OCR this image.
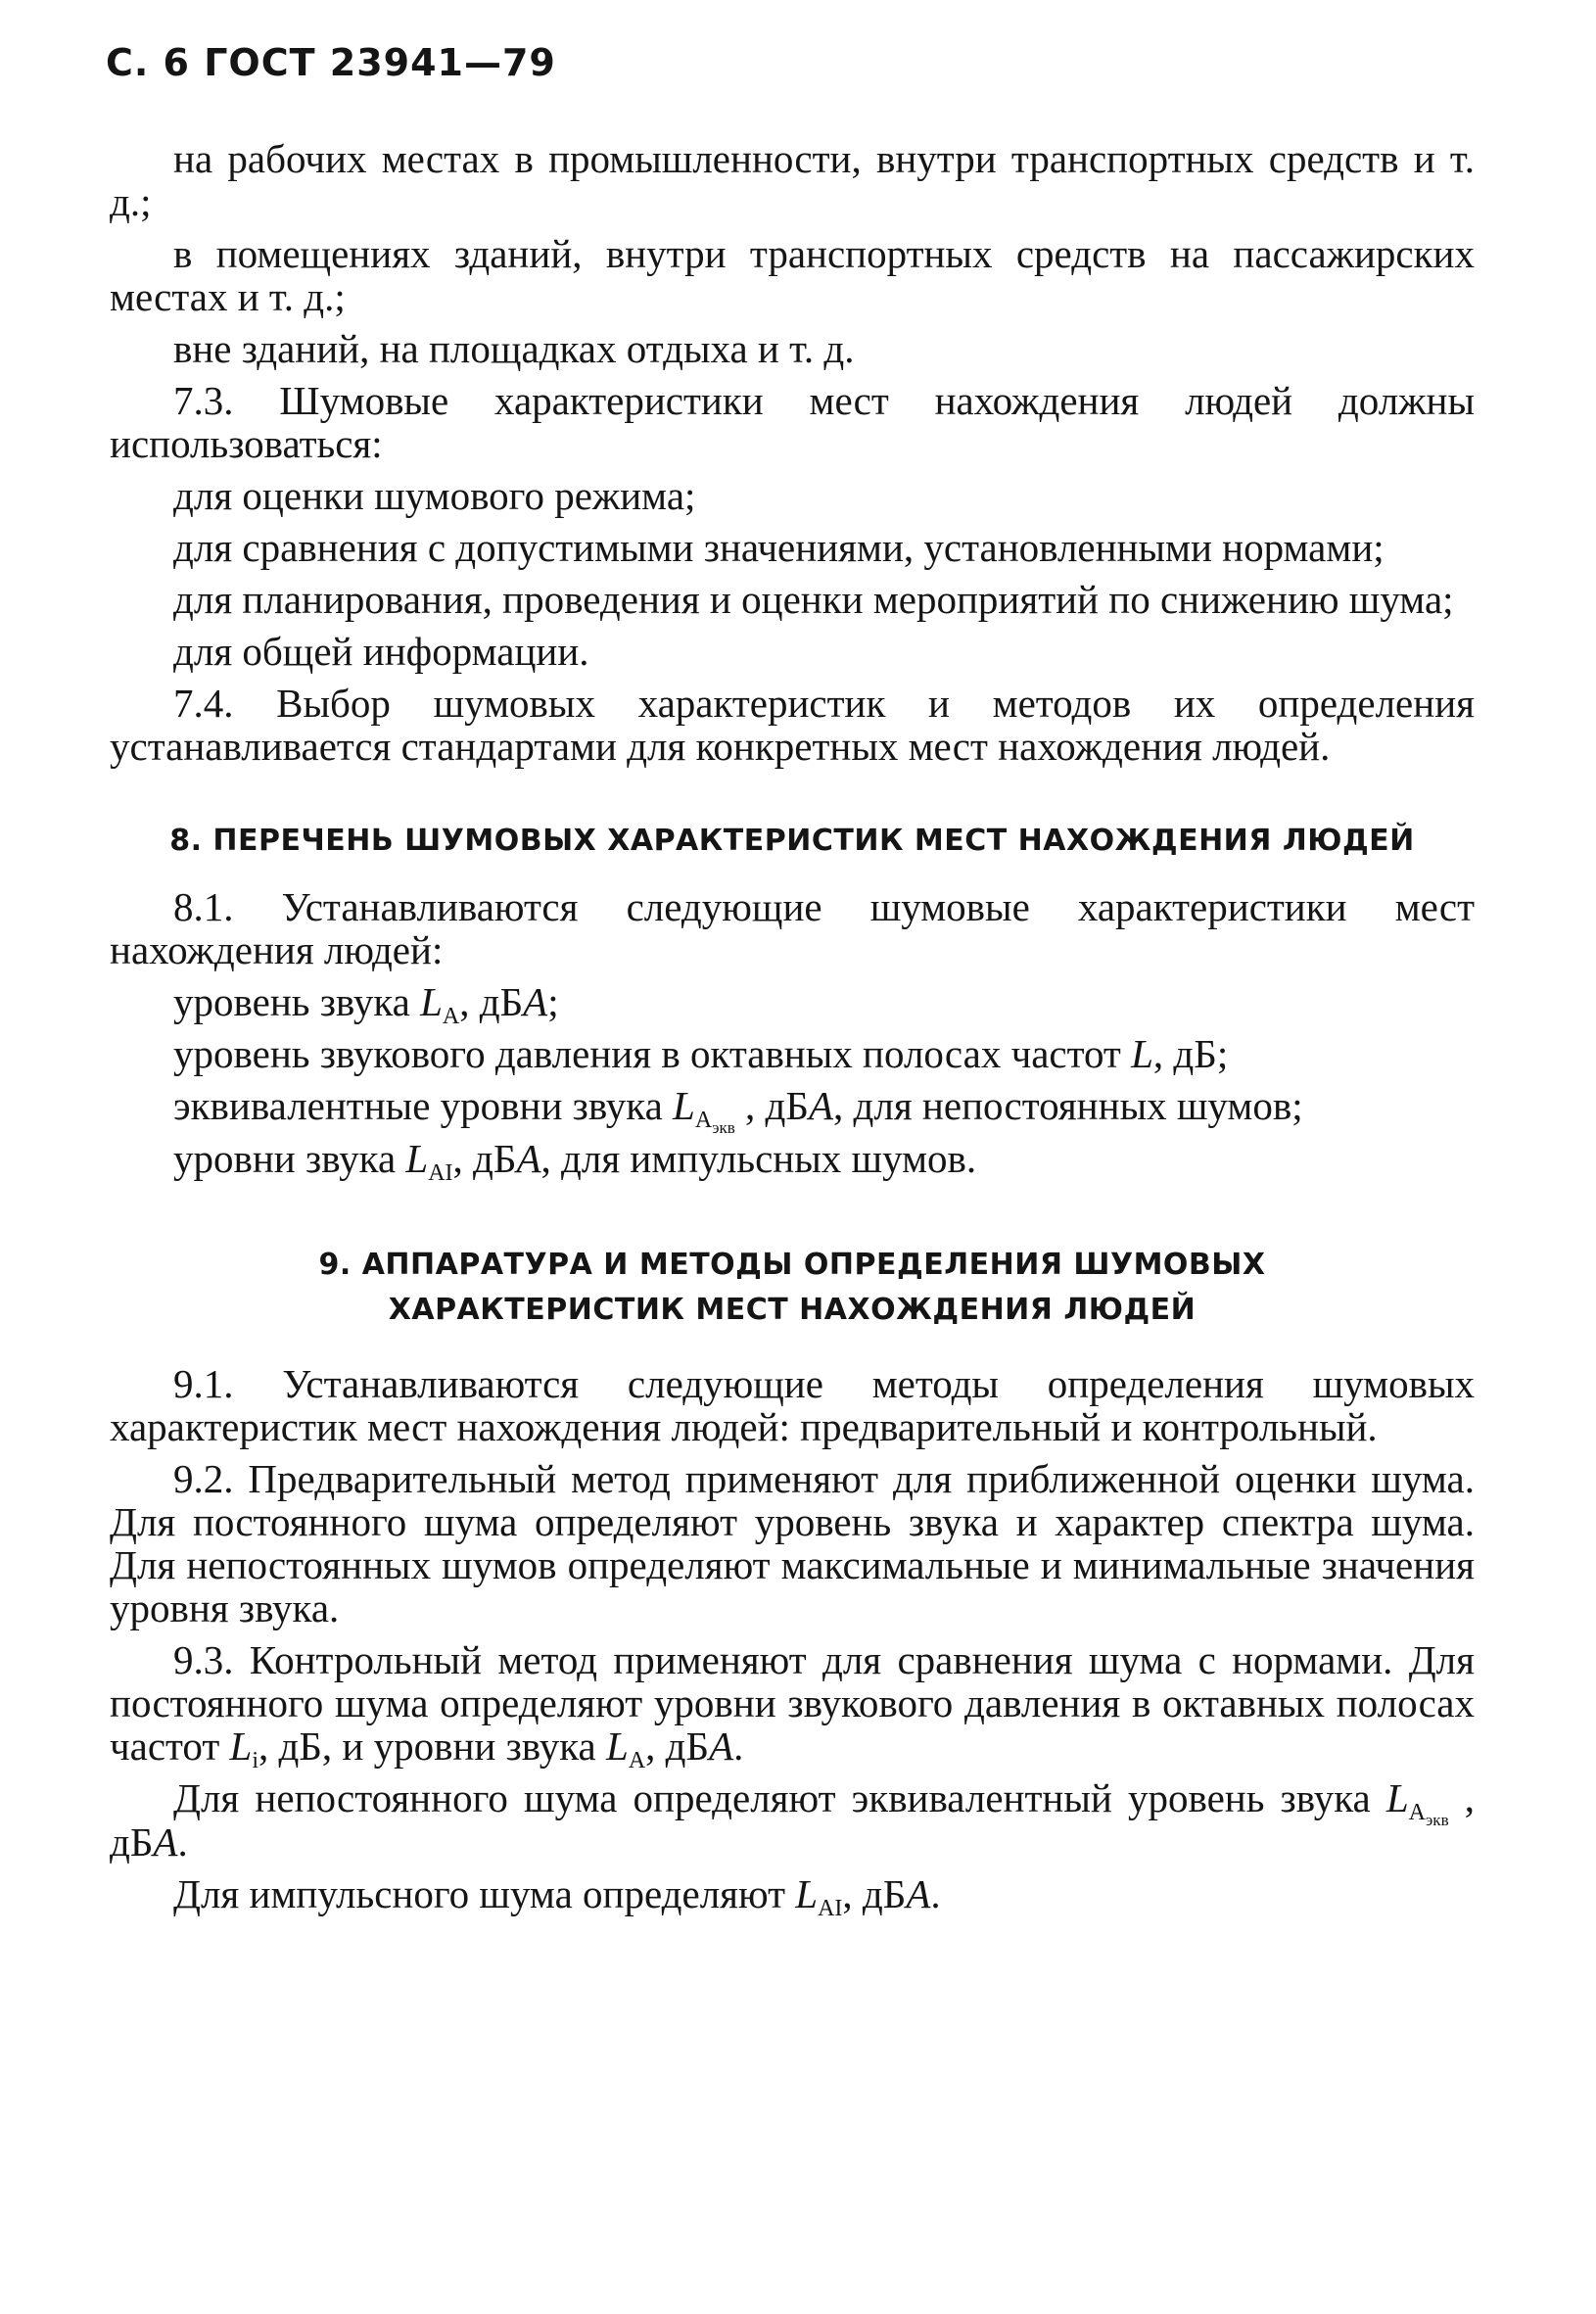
С. 6 ГОСТ 23941—79

на рабочих местах в промышленности, внутри транспортных средств и т. д.;

в помещениях зданий, внутри транспортных средств на пассажирских местах и т. д.;

вне зданий, на площадках отдыха и т. д.

7.3. Шумовые характеристики мест нахождения людей должны использоваться:

для оценки шумового режима;

для сравнения с допустимыми значениями, установленными нормами;

для планирования, проведения и оценки мероприятий по снижению шума;

для общей информации.

7.4. Выбор шумовых характеристик и методов их определения устанавливается стандартами для конкретных мест нахождения людей.

8. ПЕРЕЧЕНЬ ШУМОВЫХ ХАРАКТЕРИСТИК МЕСТ НАХОЖДЕНИЯ ЛЮДЕЙ

8.1. Устанавливаются следующие шумовые характеристики мест нахождения людей:

уровень звука $L_A$, дБA;

уровень звукового давления в октавных полосах частот L, дБ;

эквивалентные уровни звука $L_{A_{экв}}$ , дБA, для непостоянных шумов;

уровни звука $L_{AI}$, дБA, для импульсных шумов.

9. АППАРАТУРА И МЕТОДЫ ОПРЕДЕЛЕНИЯ ШУМОВЫХ
ХАРАКТЕРИСТИК МЕСТ НАХОЖДЕНИЯ ЛЮДЕЙ

9.1. Устанавливаются следующие методы определения шумовых характеристик мест нахождения людей: предварительный и контрольный.

9.2. Предварительный метод применяют для приближенной оценки шума. Для постоянного шума определяют уровень звука и характер спектра шума. Для непостоянных шумов определяют максимальные и минимальные значения уровня звука.

9.3. Контрольный метод применяют для сравнения шума с нормами. Для постоянного шума определяют уровни звукового давления в октавных полосах частот $L_i$, дБ, и уровни звука $L_A$, дБA.

Для непостоянного шума определяют эквивалентный уровень звука $L_{A_{экв}}$ , дБA.

Для импульсного шума определяют $L_{AI}$, дБA.
